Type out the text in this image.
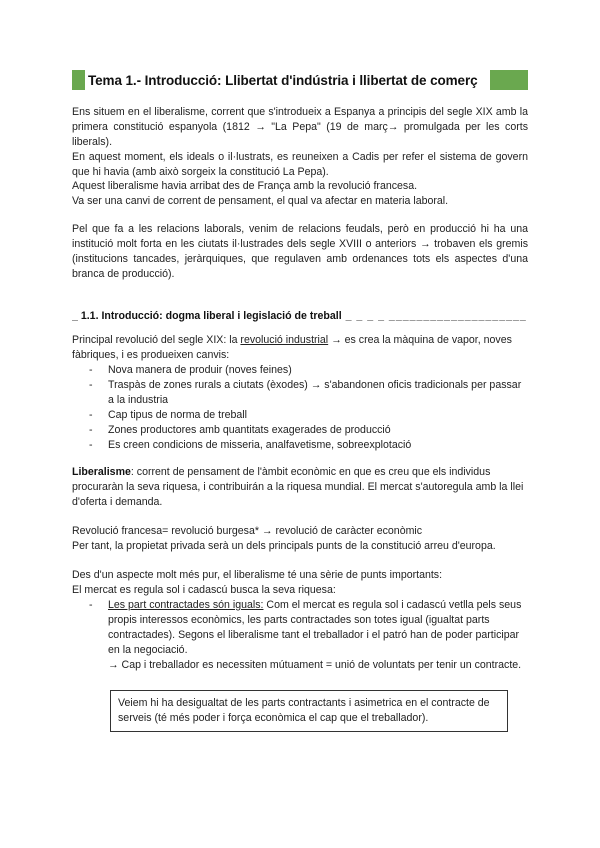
Tema 1.- Introducció: Llibertat d'indústria i llibertat de comerç

Ens situem en el liberalisme, corrent que s'introdueix a Espanya a principis del segle XIX amb la primera constitució espanyola (1812 → "La Pepa" (19 de març→ promulgada per les corts liberals).

En aquest moment, els ideals o il·lustrats, es reuneixen a Cadis per refer el sistema de govern que hi havia (amb això sorgeix la constitució La Pepa).

Aquest liberalisme havia arribat des de França amb la revolució francesa.

Va ser una canvi de corrent de pensament, el qual va afectar en materia laboral.

Pel que fa a les relacions laborals, venim de relacions feudals, però en producció hi ha una institució molt forta en les ciutats il·lustrades dels segle XVIII o anteriors → trobaven els gremis (institucions tancades, jeràrquiques, que regulaven amb ordenances tots els aspectes d'una branca de producció).

_ 1.1. Introducció: dogma liberal i legislació de treball _ _ _ _ ____________________

Principal revolució del segle XIX: la revolució industrial → es crea la màquina de vapor, noves fàbriques, i es produeixen canvis:

- Nova manera de produir (noves feines)
- Traspàs de zones rurals a ciutats (èxodes) → s'abandonen oficis tradicionals per passar a la industria
- Cap tipus de norma de treball
- Zones productores amb quantitats exagerades de producció
- Es creen condicions de misseria, analfavetisme, sobreexplotació

Liberalisme: corrent de pensament de l'àmbit econòmic en que es creu que els individus procuraràn la seva riquesa, i contribuirán a la riquesa mundial. El mercat s'autoregula amb la llei d'oferta i demanda.

Revolució francesa= revolució burgesa* → revolució de caràcter econòmic

Per tant, la propietat privada serà un dels principals punts de la constitució arreu d'europa.

Des d'un aspecte molt més pur, el liberalisme té una sèrie de punts importants:

El mercat es regula sol i cadascú busca la seva riquesa:

- Les part contractades són iguals: Com el mercat es regula sol i cadascú vetlla pels seus propis interessos econòmics, les parts contractades son totes igual (igualtat parts contractades). Segons el liberalisme tant el treballador i el patró han de poder participar en la negociació.
→ Cap i treballador es necessiten mútuament = unió de voluntats per tenir un contracte.
Veiem hi ha desigualtat de les parts contractants i asimetrica en el contracte de serveis (té més poder i força econòmica el cap que el treballador).
